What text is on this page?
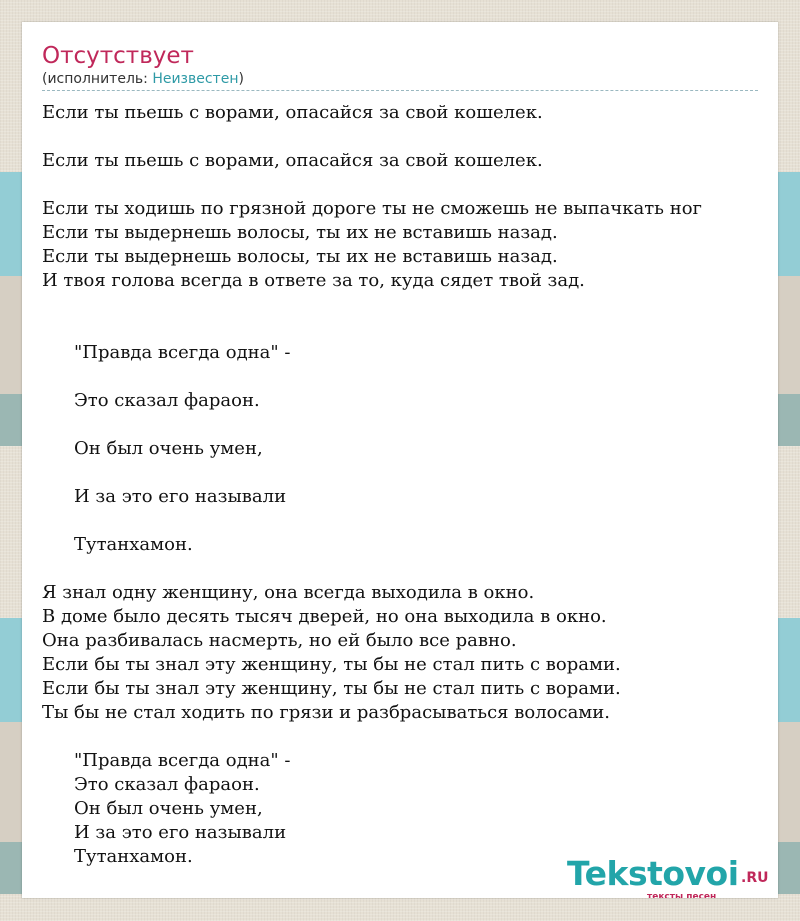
Отсутствует
(исполнитель: Неизвестен)
Если ты пьешь с ворами, опасайся за свой кошелек.
Если ты пьешь с ворами, опасайся за свой кошелек.
Если ты ходишь по грязной дороге ты не сможешь не выпачкать ног
Если ты выдернешь волосы, ты их не вставишь назад.
Если ты выдернешь волосы, ты их не вставишь назад.
И твоя голова всегда в ответе за то, куда сядет твой зад.
"Правда всегда одна" -
Это сказал фараон.
Он был очень умен,
И за это его называли
Тутанхамон.
Я знал одну женщину, она всегда выходила в окно.
В доме было десять тысяч дверей, но она выходила в окно.
Она разбивалась насмерть, но ей было все равно.
Если бы ты знал эту женщину, ты бы не стал пить с ворами.
Если бы ты знал эту женщину, ты бы не стал пить с ворами.
Ты бы не стал ходить по грязи и разбрасываться волосами.
"Правда всегда одна" -
Это сказал фараон.
Он был очень умен,
И за это его называли
Тутанхамон.	Tekstovoi .RU
тексты песен
